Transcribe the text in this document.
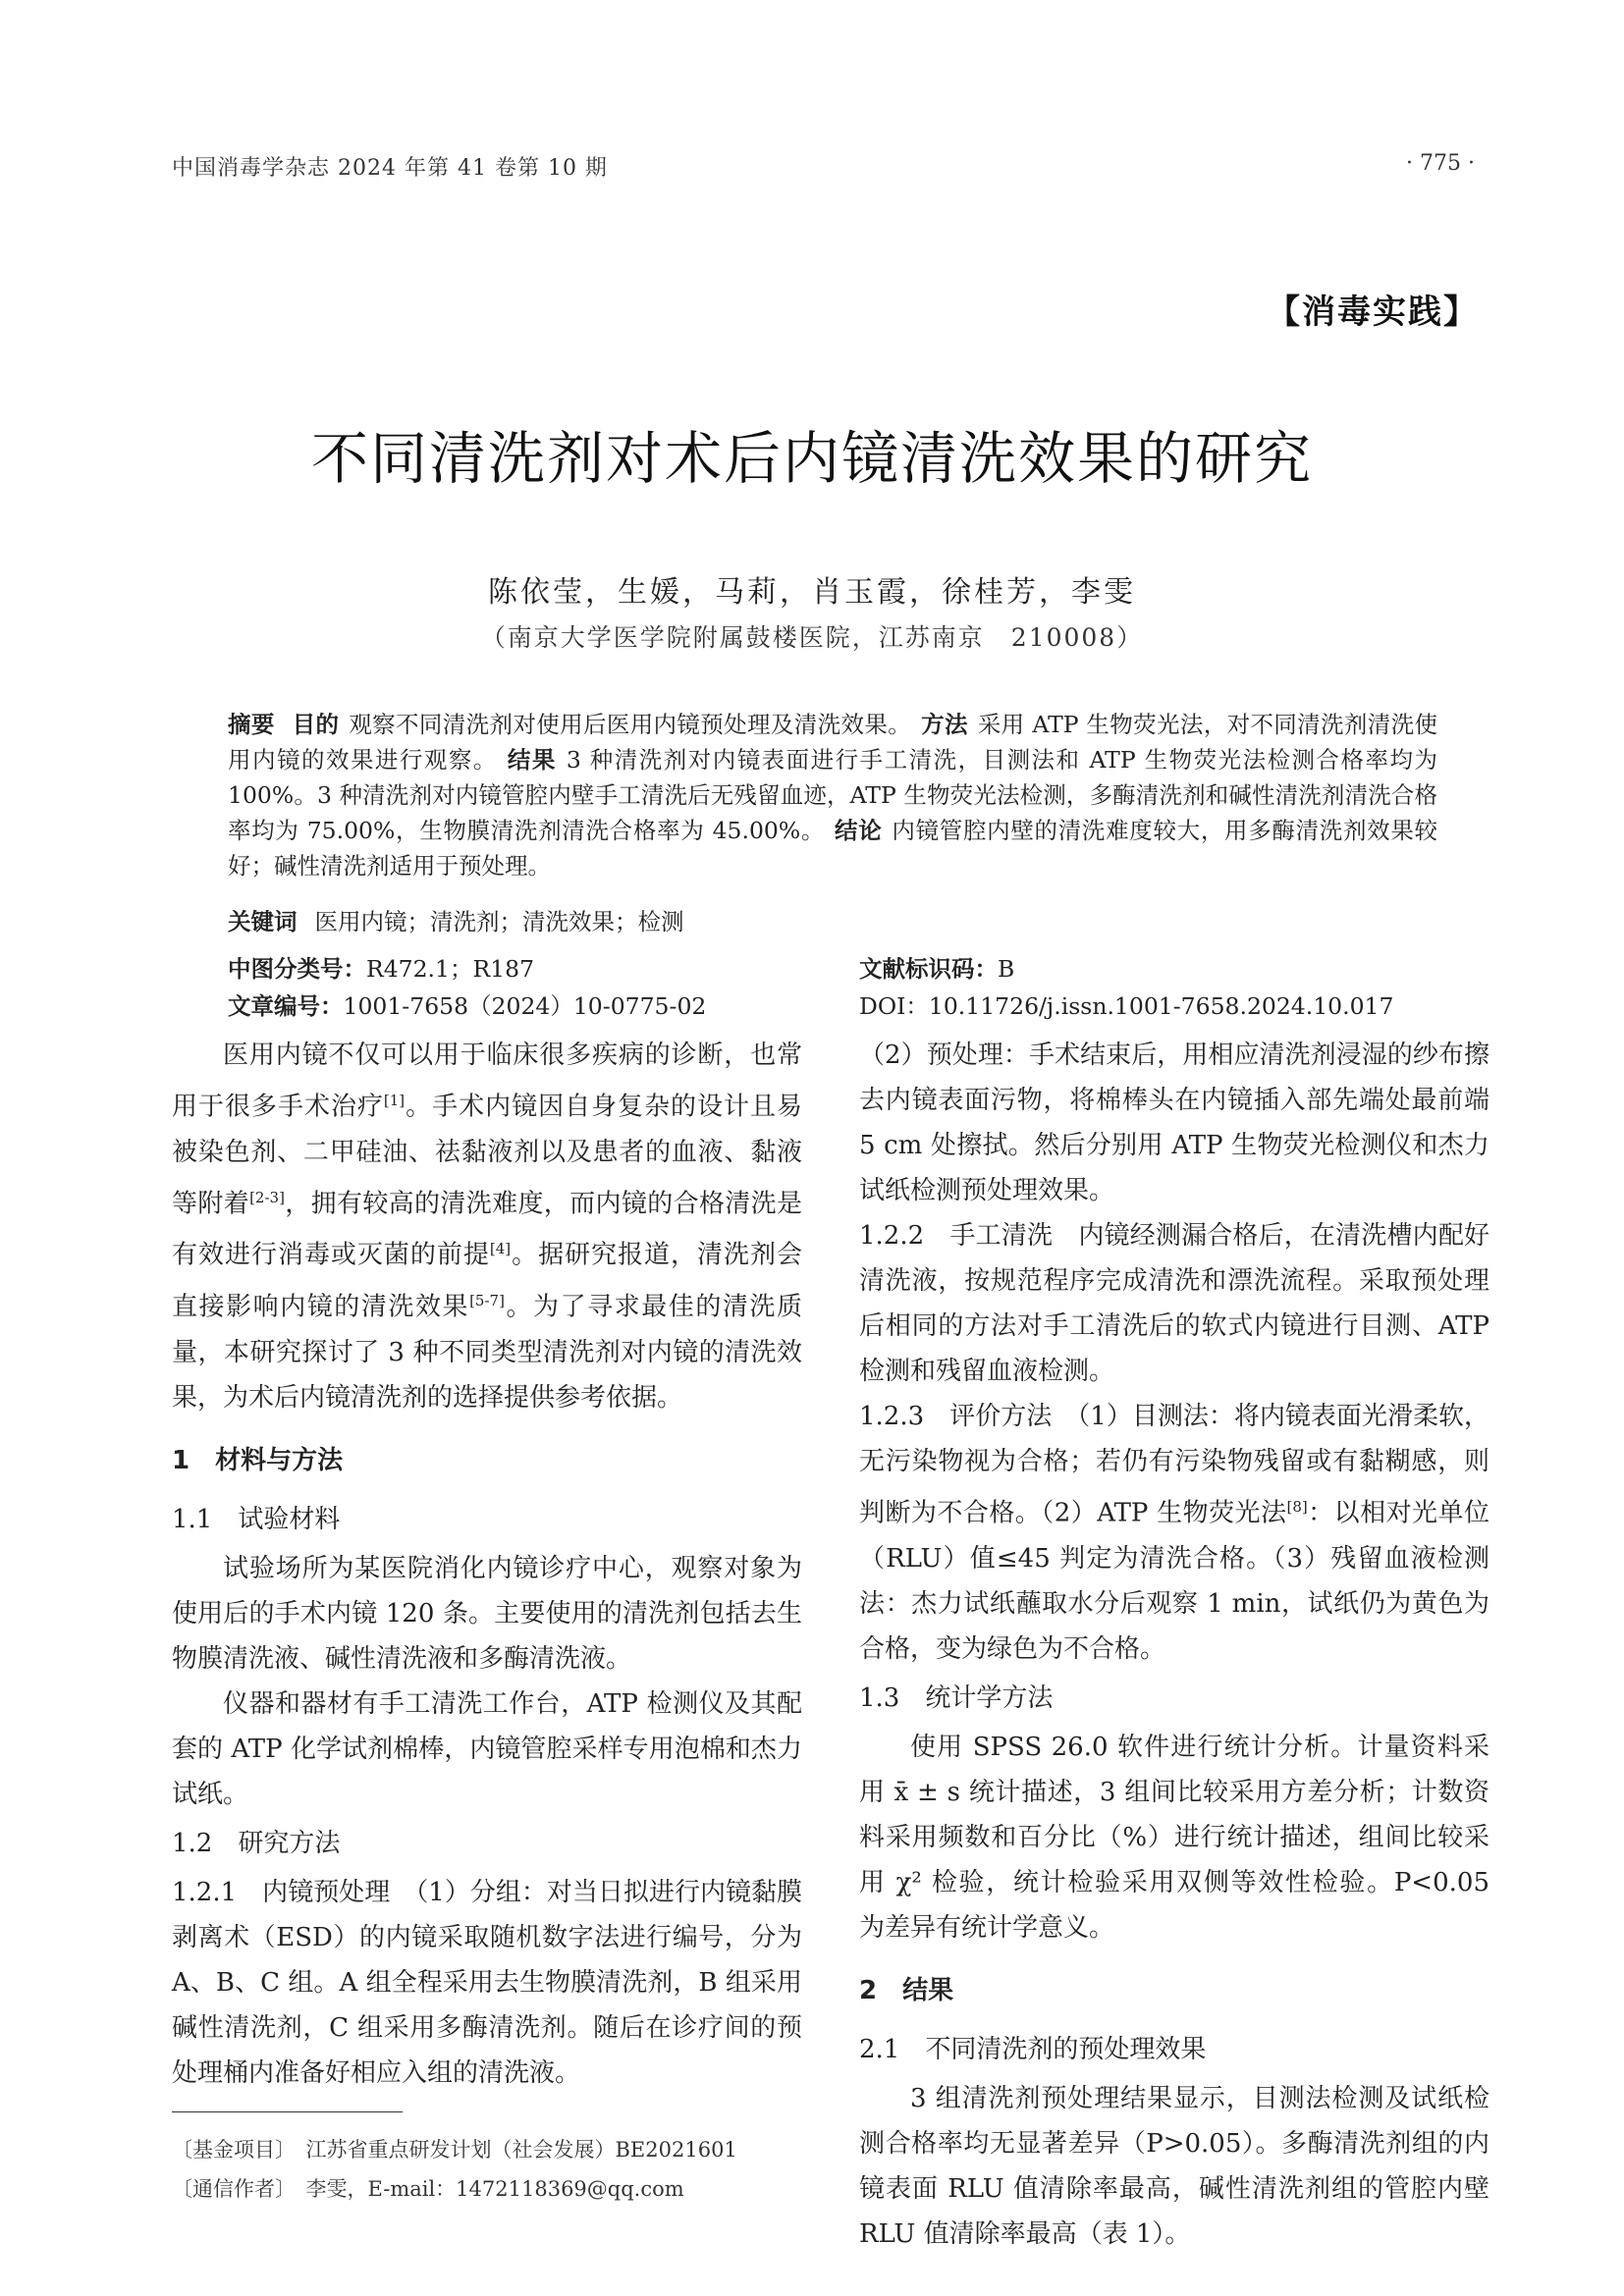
中国消毒学杂志 2024 年第 41 卷第 10 期	· 775 ·
【消毒实践】
不同清洗剂对术后内镜清洗效果的研究
陈依莹，生媛，马莉，肖玉霞，徐桂芳，李雯
（南京大学医学院附属鼓楼医院，江苏南京　210008）
摘要 目的 观察不同清洗剂对使用后医用内镜预处理及清洗效果。 方法 采用 ATP 生物荧光法，对不同清洗剂清洗使用内镜的效果进行观察。 结果 3 种清洗剂对内镜表面进行手工清洗，目测法和 ATP 生物荧光法检测合格率均为 100%。3 种清洗剂对内镜管腔内壁手工清洗后无残留血迹，ATP 生物荧光法检测，多酶清洗剂和碱性清洗剂清洗合格率均为 75.00%，生物膜清洗剂清洗合格率为 45.00%。 结论 内镜管腔内壁的清洗难度较大，用多酶清洗剂效果较好；碱性清洗剂适用于预处理。
关键词 医用内镜；清洗剂；清洗效果；检测
中图分类号：R472.1；R187	文献标识码：B
文章编号：1001-7658（2024）10-0775-02	DOI：10.11726/j.issn.1001-7658.2024.10.017

医用内镜不仅可以用于临床很多疾病的诊断，也常用于很多手术治疗[1]。手术内镜因自身复杂的设计且易被染色剂、二甲硅油、祛黏液剂以及患者的血液、黏液等附着[2-3]，拥有较高的清洗难度，而内镜的合格清洗是有效进行消毒或灭菌的前提[4]。据研究报道，清洗剂会直接影响内镜的清洗效果[5-7]。为了寻求最佳的清洗质量，本研究探讨了 3 种不同类型清洗剂对内镜的清洗效果，为术后内镜清洗剂的选择提供参考依据。

1　材料与方法
1.1　试验材料

试验场所为某医院消化内镜诊疗中心，观察对象为使用后的手术内镜 120 条。主要使用的清洗剂包括去生物膜清洗液、碱性清洗液和多酶清洗液。

仪器和器材有手工清洗工作台，ATP 检测仪及其配套的 ATP 化学试剂棉棒，内镜管腔采样专用泡棉和杰力试纸。

1.2　研究方法

1.2.1　内镜预处理　（1）分组：对当日拟进行内镜黏膜剥离术（ESD）的内镜采取随机数字法进行编号，分为 A、B、C 组。A 组全程采用去生物膜清洗剂，B 组采用碱性清洗剂，C 组采用多酶清洗剂。随后在诊疗间的预处理桶内准备好相应入组的清洗液。

（2）预处理：手术结束后，用相应清洗剂浸湿的纱布擦去内镜表面污物，将棉棒头在内镜插入部先端处最前端 5 cm 处擦拭。然后分别用 ATP 生物荧光检测仪和杰力试纸检测预处理效果。

1.2.2　手工清洗　内镜经测漏合格后，在清洗槽内配好清洗液，按规范程序完成清洗和漂洗流程。采取预处理后相同的方法对手工清洗后的软式内镜进行目测、ATP 检测和残留血液检测。

1.2.3　评价方法　（1）目测法：将内镜表面光滑柔软，无污染物视为合格；若仍有污染物残留或有黏糊感，则判断为不合格。（2）ATP 生物荧光法[8]：以相对光单位（RLU）值≤45 判定为清洗合格。（3）残留血液检测法：杰力试纸蘸取水分后观察 1 min，试纸仍为黄色为合格，变为绿色为不合格。

1.3　统计学方法

使用 SPSS 26.0 软件进行统计分析。计量资料采用 x̄ ± s 统计描述，3 组间比较采用方差分析；计数资料采用频数和百分比（%）进行统计描述，组间比较采用 χ² 检验，统计检验采用双侧等效性检验。P<0.05 为差异有统计学意义。

2　结果
2.1　不同清洗剂的预处理效果

3 组清洗剂预处理结果显示，目测法检测及试纸检测合格率均无显著差异（P>0.05）。多酶清洗剂组的内镜表面 RLU 值清除率最高，碱性清洗剂组的管腔内壁 RLU 值清除率最高（表 1）。

〔基金项目〕　江苏省重点研发计划（社会发展）BE2021601
〔通信作者〕　李雯，E-mail：1472118369@qq.com
